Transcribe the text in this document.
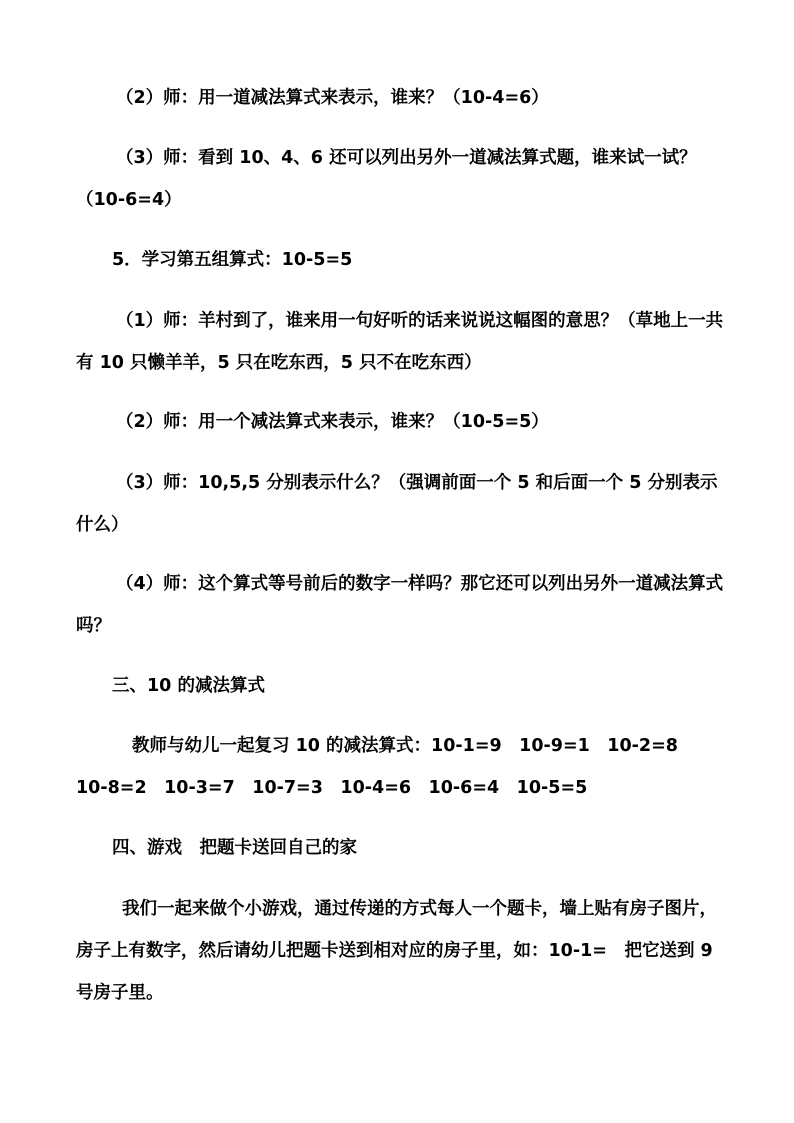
（2）师：用一道减法算式来表示，谁来？（10-4=6）

（3）师：看到 10、4、6 还可以列出另外一道减法算式题，谁来试一试？（10-6=4）

5．学习第五组算式：10-5=5

（1）师：羊村到了，谁来用一句好听的话来说说这幅图的意思？（草地上一共有 10 只懒羊羊，5 只在吃东西，5 只不在吃东西）

（2）师：用一个减法算式来表示，谁来？（10-5=5）

（3）师：10,5,5 分别表示什么？（强调前面一个 5 和后面一个 5 分别表示什么）

（4）师：这个算式等号前后的数字一样吗？那它还可以列出另外一道减法算式吗？

三、10 的减法算式

教师与幼儿一起复习 10 的减法算式：10-1=9　10-9=1　10-2=8　10-8=2　10-3=7　10-7=3　10-4=6　10-6=4　10-5=5

四、游戏　把题卡送回自己的家

我们一起来做个小游戏，通过传递的方式每人一个题卡，墙上贴有房子图片，房子上有数字，然后请幼儿把题卡送到相对应的房子里，如：10-1=　把它送到 9 号房子里。
